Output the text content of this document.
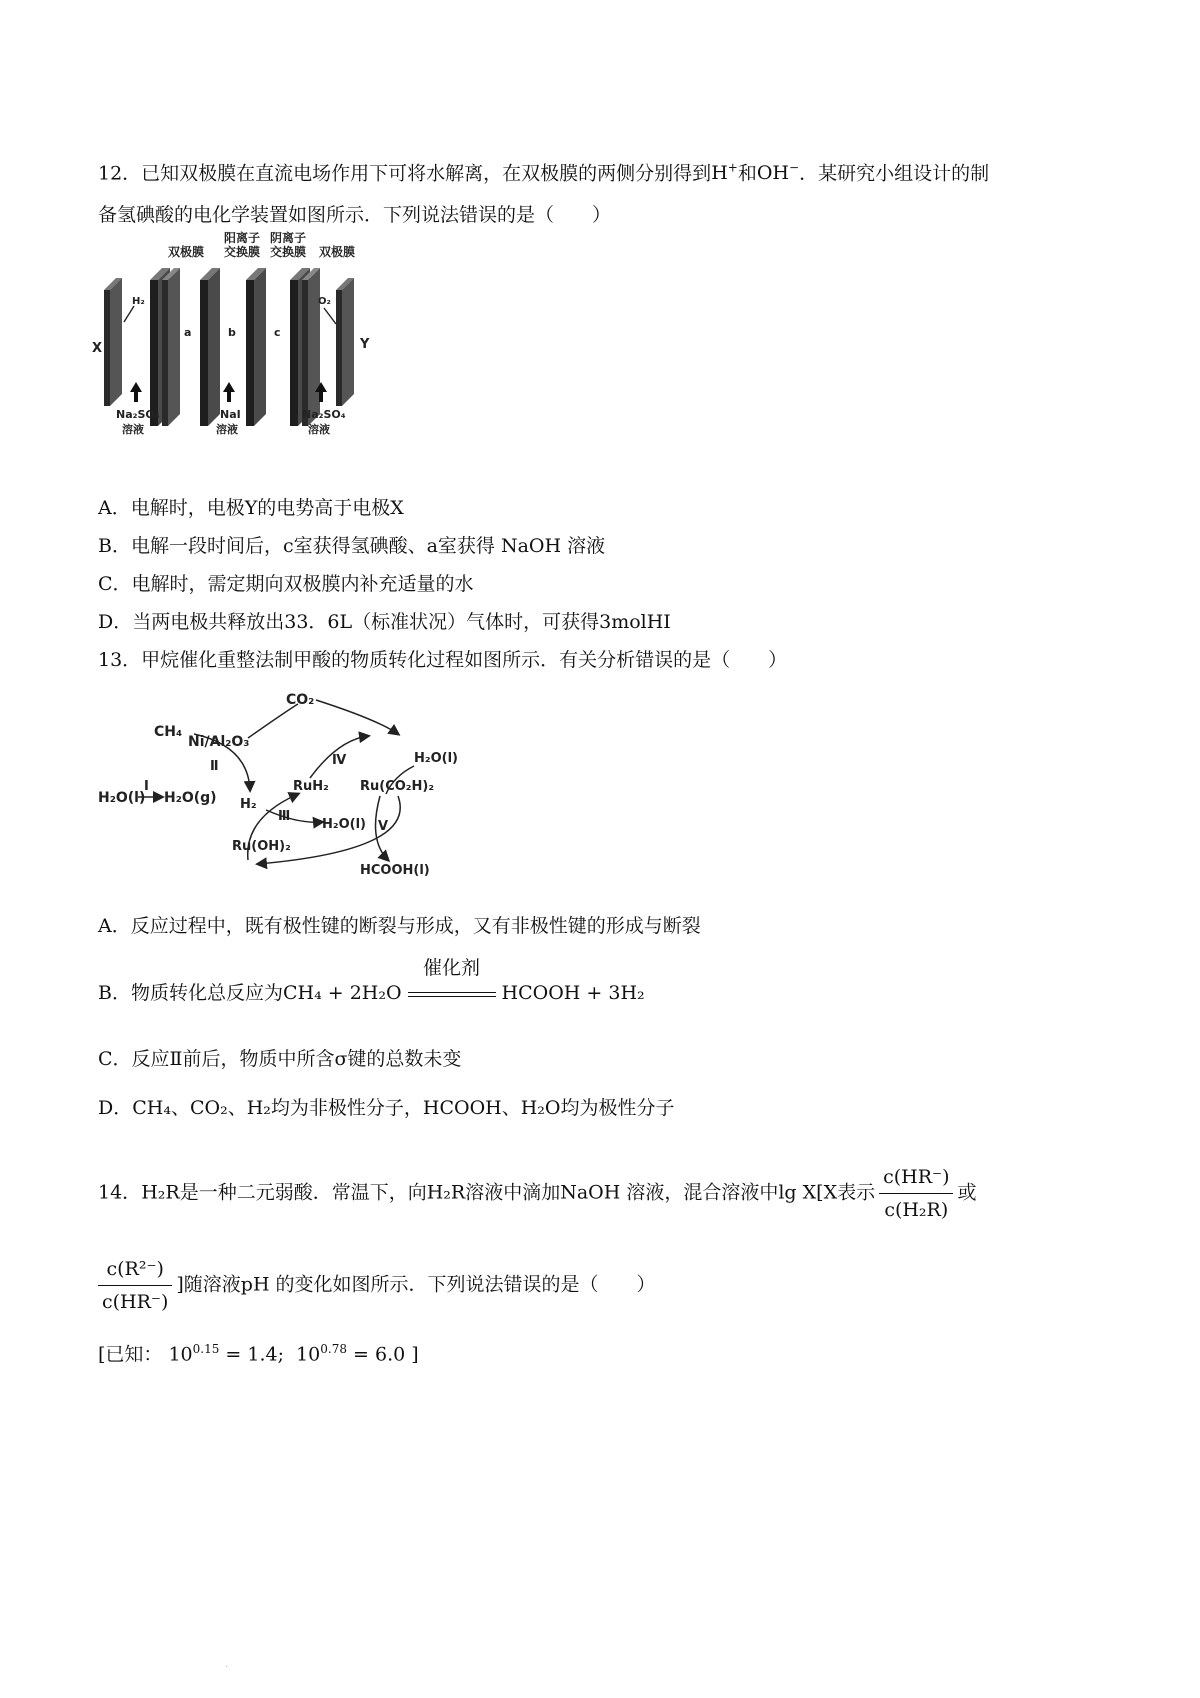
12．已知双极膜在直流电场作用下可将水解离，在双极膜的两侧分别得到H+和OH−．某研究小组设计的制
备氢碘酸的电化学装置如图所示．下列说法错误的是（　　）
双极膜
阳离子
交换膜
阴离子
交换膜 双极膜
X
H₂
a	b	c
O₂
Y
Na₂SO₄
溶液
NaI
溶液
Na₂SO₄
溶液
A．电解时，电极Y的电势高于电极X
B．电解一段时间后，c室获得氢碘酸、a室获得 NaOH 溶液
C．电解时，需定期向双极膜内补充适量的水
D．当两电极共释放出33．6L（标准状况）气体时，可获得3molHI
13．甲烷催化重整法制甲酸的物质转化过程如图所示．有关分析错误的是（　　）
CO₂
CH₄
Ni/Al₂O₃
Ⅱ
H₂O(l)
I
H₂O(g) H₂
Ⅲ
Ⅳ
RuH₂ Ru(CO₂H)₂
H₂O(l)
H₂O(l)
Ru(OH)₂
V
HCOOH(l)
A．反应过程中，既有极性键的断裂与形成，又有非极性键的形成与断裂
B．物质转化总反应为CH₄ + 2H₂O
催化剂
HCOOH + 3H₂
C．反应Ⅱ前后，物质中所含σ键的总数未变
D．CH₄、CO₂、H₂均为非极性分子，HCOOH、H₂O均为极性分子
14．H₂R是一种二元弱酸．常温下，向H₂R溶液中滴加NaOH 溶液，混合溶液中lg X[X表示 $\frac{c(HR^-)}{\text{c(H₂R)}}$ 或
$\frac{\text{c(R²⁻)}}{c(HR^-)}$ ]随溶液pH 的变化如图所示．下列说法错误的是（　　）
[已知： $10^{0.15} = 1.4$; $10^{0.78} = 6.0$ ]
·
